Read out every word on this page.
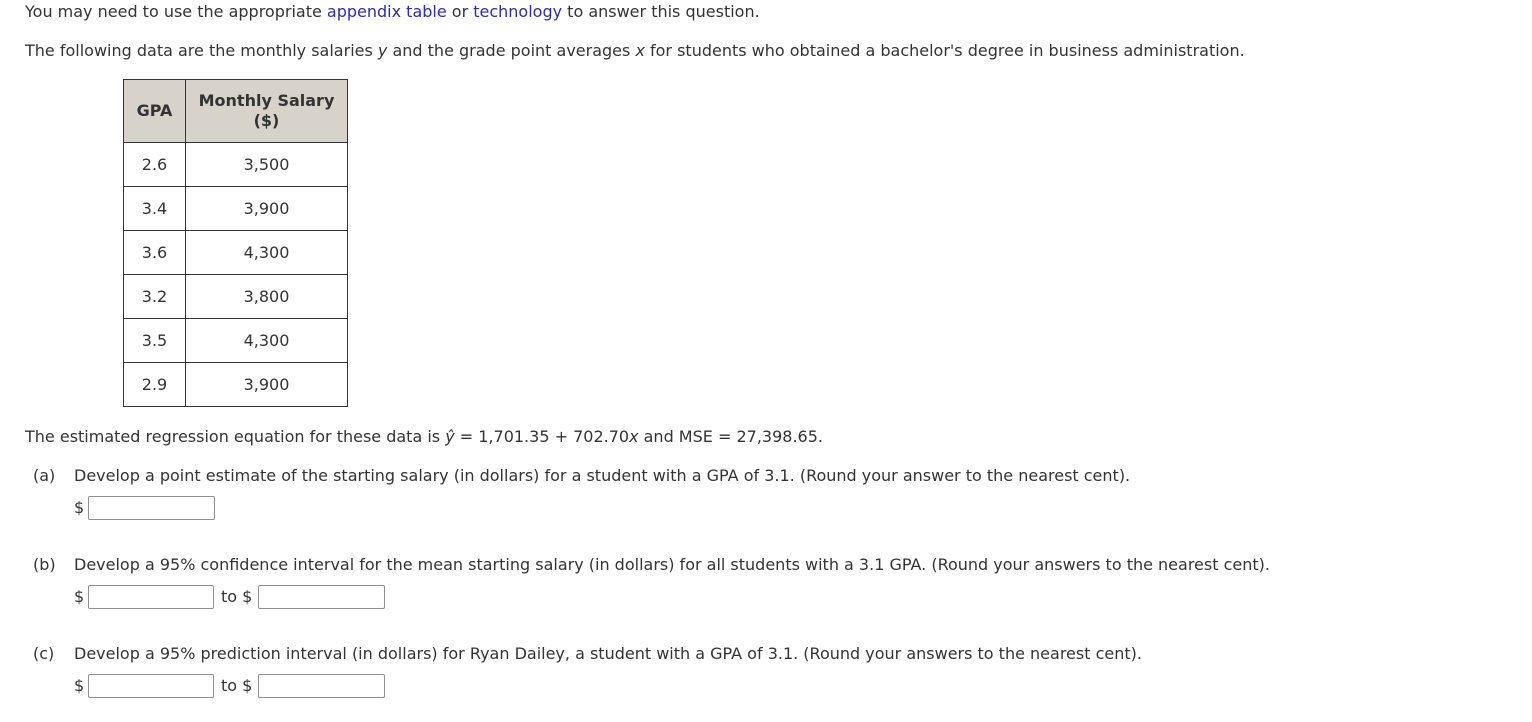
You may need to use the appropriate appendix table or technology to answer this question.
The following data are the monthly salaries y and the grade point averages x for students who obtained a bachelor's degree in business administration.
GPA	Monthly Salary
($)
2.6	3,500
3.4	3,900
3.6	4,300
3.2	3,800
3.5	4,300
2.9	3,900
The estimated regression equation for these data is ŷ = 1,701.35 + 702.70x and MSE = 27,398.65.
(a) Develop a point estimate of the starting salary (in dollars) for a student with a GPA of 3.1. (Round your answer to the nearest cent).
$
(b) Develop a 95% confidence interval for the mean starting salary (in dollars) for all students with a 3.1 GPA. (Round your answers to the nearest cent).
$	to $
(c) Develop a 95% prediction interval (in dollars) for Ryan Dailey, a student with a GPA of 3.1. (Round your answers to the nearest cent).
$	to $
